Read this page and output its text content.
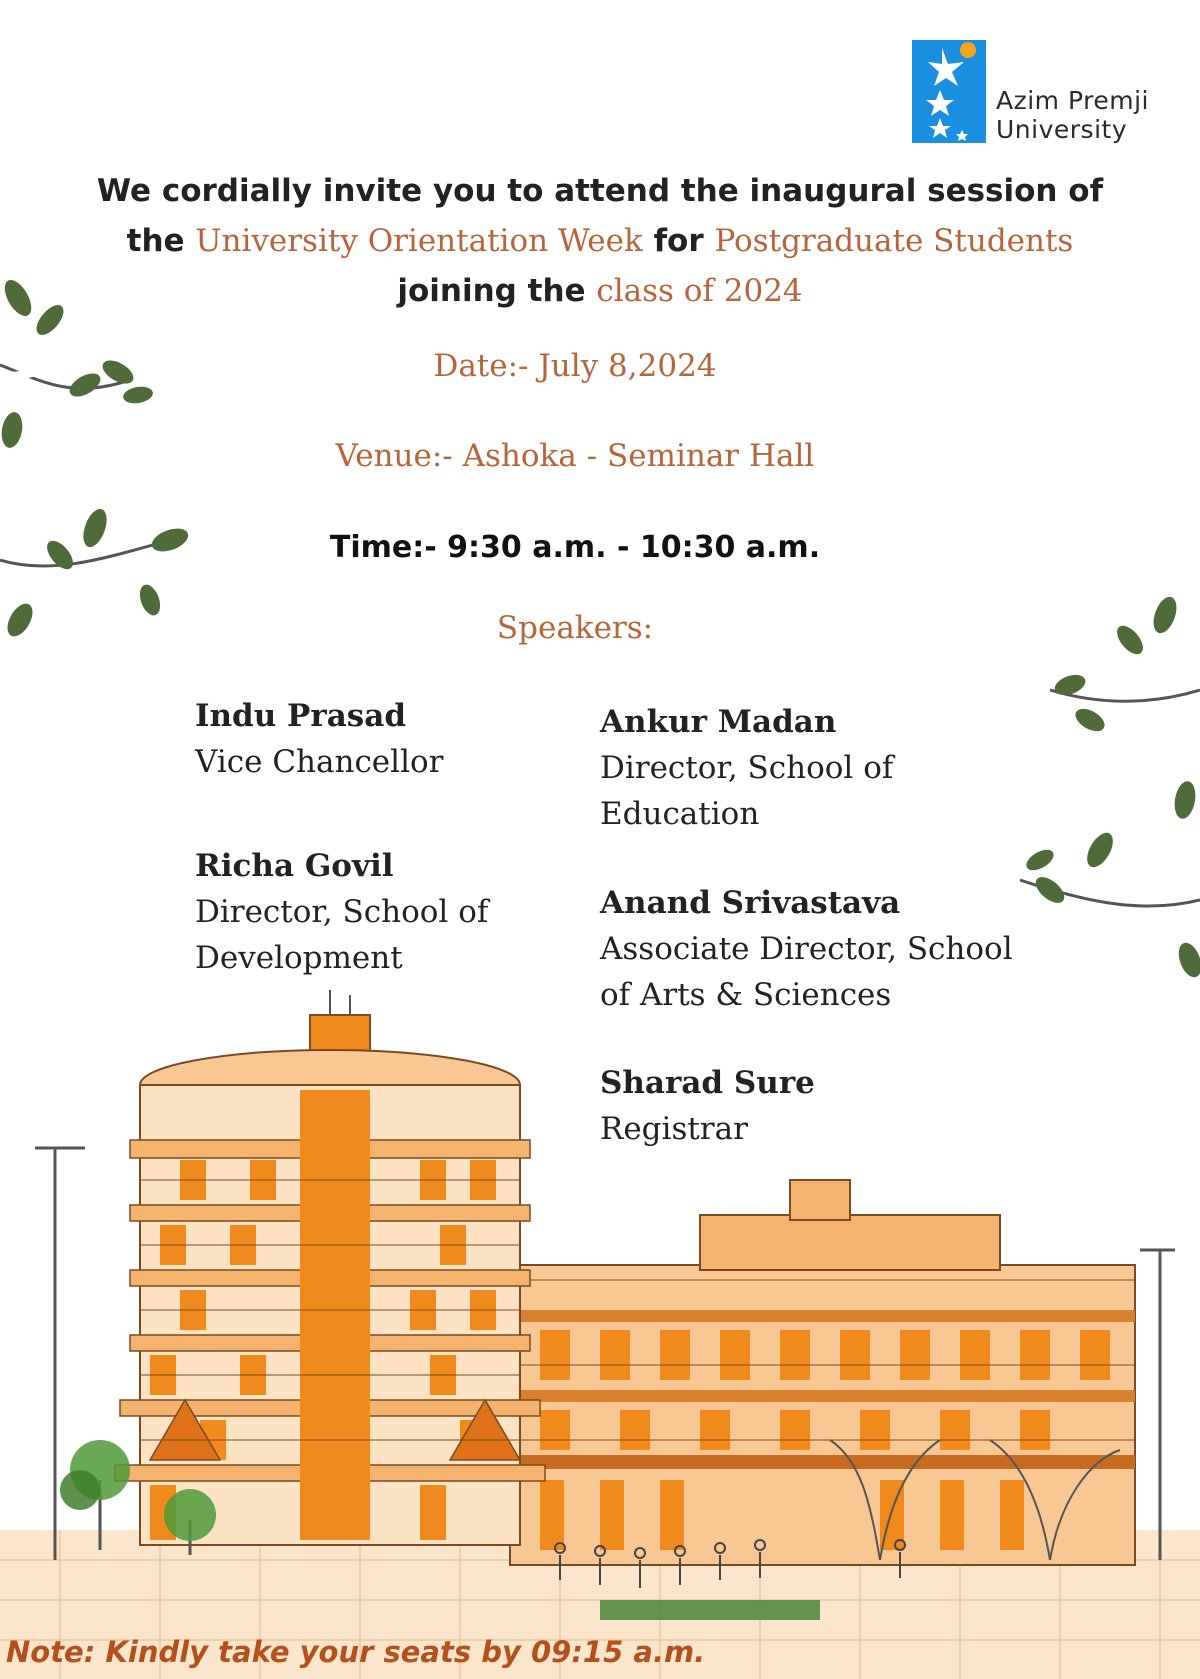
Azim Premji
University
We cordially invite you to attend the inaugural session of
the University Orientation Week for Postgraduate Students
joining the class of 2024
Date:- July 8,2024
Venue:- Ashoka - Seminar Hall
Time:- 9:30 a.m. - 10:30 a.m.
Speakers:
Indu Prasad
Vice Chancellor
Richa Govil
Director, School of
Development
Ankur Madan
Director, School of
Education
Anand Srivastava
Associate Director, School
of Arts & Sciences
Sharad Sure
Registrar
Note: Kindly take your seats by 09:15 a.m.
